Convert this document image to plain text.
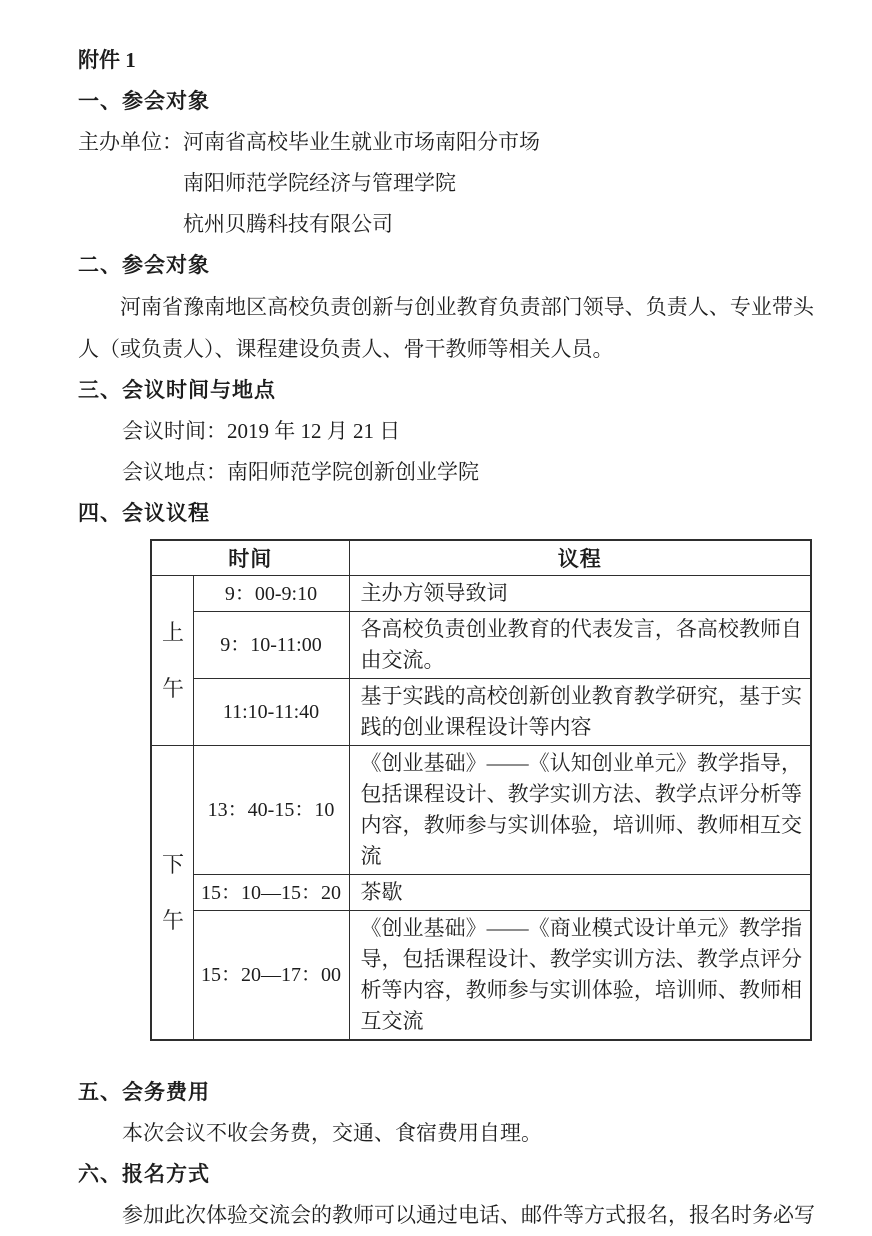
附件 1
一、参会对象
主办单位：河南省高校毕业生就业市场南阳分市场
南阳师范学院经济与管理学院
杭州贝腾科技有限公司
二、参会对象

河南省豫南地区高校负责创新与创业教育负责部门领导、负责人、专业带头人（或负责人）、课程建设负责人、骨干教师等相关人员。

三、会议时间与地点
会议时间：2019 年 12 月 21 日
会议地点：南阳师范学院创新创业学院
四、会议议程
时间		议程
上午	9：00-9:10	主办方领导致词
	9：10-11:00	各高校负责创业教育的代表发言，各高校教师自由交流。
	11:10-11:40	基于实践的高校创新创业教育教学研究，基于实践的创业课程设计等内容
下午	13：40-15：10	《创业基础》——《认知创业单元》教学指导，包括课程设计、教学实训方法、教学点评分析等内容，教师参与实训体验，培训师、教师相互交流
	15：10—15：20	茶歇
	15：20—17：00	《创业基础》——《商业模式设计单元》教学指导，包括课程设计、教学实训方法、教学点评分析等内容，教师参与实训体验，培训师、教师相互交流
五、会务费用
本次会议不收会务费，交通、食宿费用自理。
六、报名方式
参加此次体验交流会的教师可以通过电话、邮件等方式报名，报名时务必写
